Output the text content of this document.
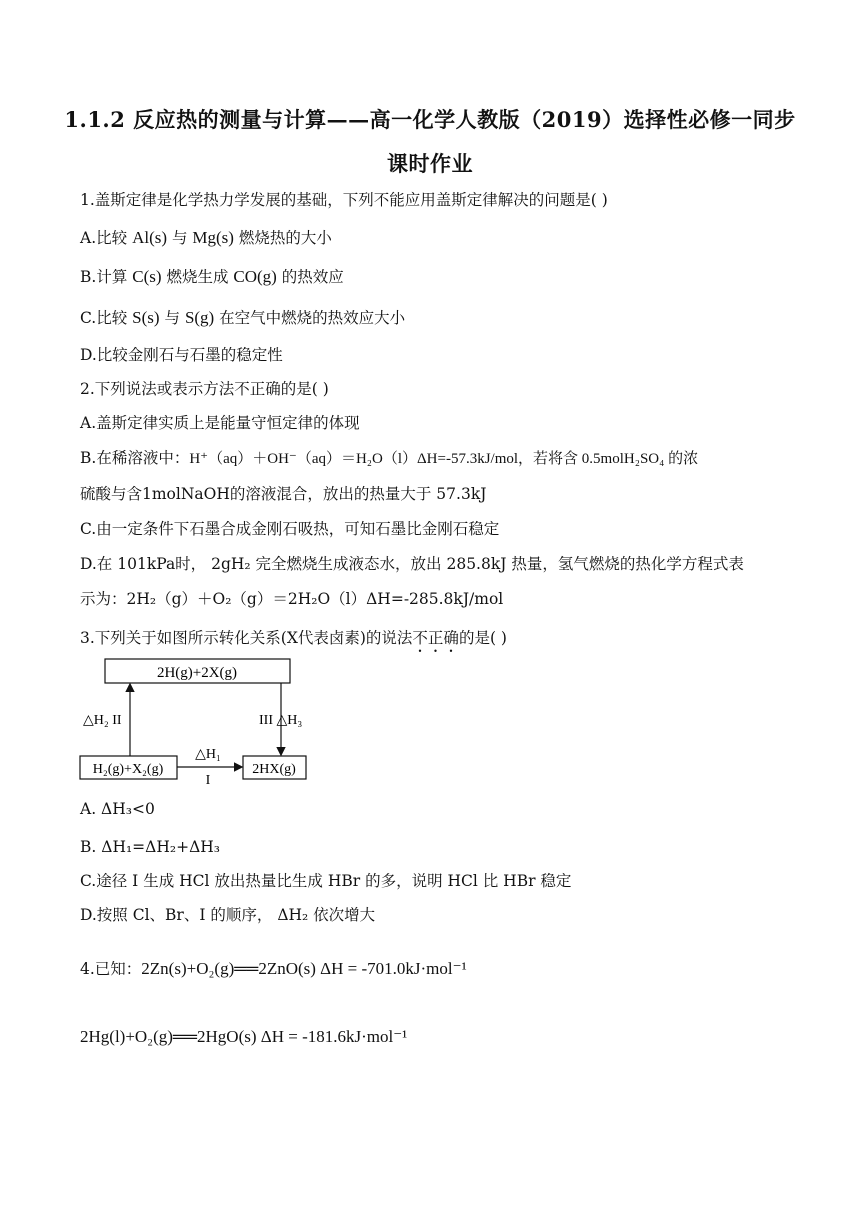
1.1.2 反应热的测量与计算——高一化学人教版（2019）选择性必修一同步
课时作业
1.盖斯定律是化学热力学发展的基础，下列不能应用盖斯定律解决的问题是( )
A.比较 Al(s) 与 Mg(s) 燃烧热的大小
B.计算 C(s) 燃烧生成 CO(g) 的热效应
C.比较 S(s) 与 S(g) 在空气中燃烧的热效应大小
D.比较金刚石与石墨的稳定性
2.下列说法或表示方法不正确的是( )
A.盖斯定律实质上是能量守恒定律的体现
B.在稀溶液中：H⁺（aq）＋OH⁻（aq）＝H₂O（l）ΔH=-57.3kJ/mol，若将含 0.5molH₂SO₄ 的浓
硫酸与含1molNaOH的溶液混合，放出的热量大于 57.3kJ
C.由一定条件下石墨合成金刚石吸热，可知石墨比金刚石稳定
D.在 101kPa时， 2gH₂ 完全燃烧生成液态水，放出 285.8kJ 热量，氢气燃烧的热化学方程式表
示为：2H₂（g）＋O₂（g）＝2H₂O（l）ΔH=-285.8kJ/mol
3.下列关于如图所示转化关系(X代表卤素)的说法不正确的是( )
2H(g)+2X(g)
H₂(g)+X₂(g)	2HX(g)
△H₂ II	III △H₃
△H₁
I
A. ΔH₃<0
B. ΔH₁=ΔH₂+ΔH₃
C.途径 I 生成 HCl 放出热量比生成 HBr 的多，说明 HCl 比 HBr 稳定
D.按照 Cl、Br、I 的顺序， ΔH₂ 依次增大
4.已知：2Zn(s)+O₂(g)══2ZnO(s) ΔH = -701.0kJ·mol⁻¹
2Hg(l)+O₂(g)══2HgO(s) ΔH = -181.6kJ·mol⁻¹
